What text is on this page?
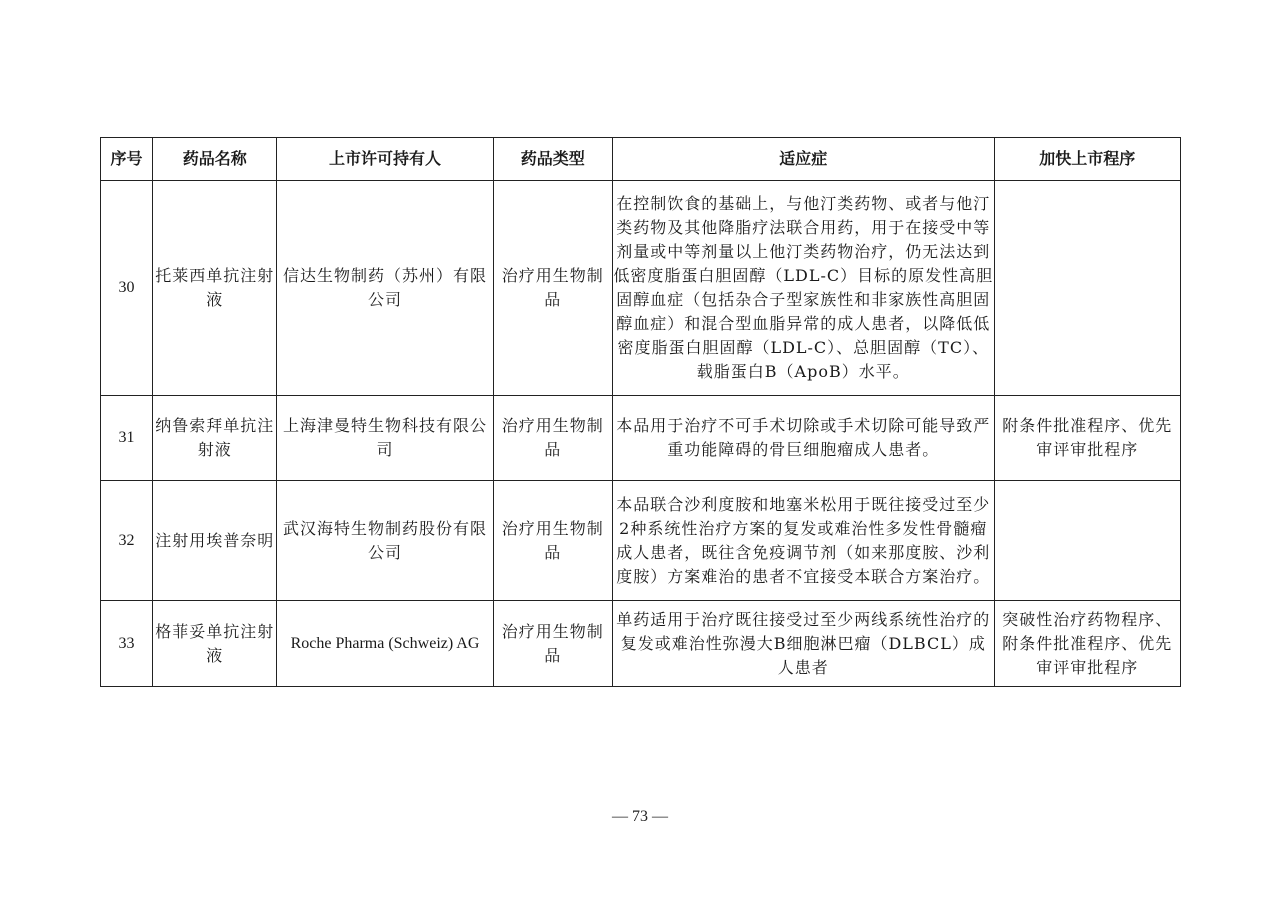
序号	药品名称	上市许可持有人	药品类型	适应症	加快上市程序
30	托莱西单抗注射液	信达生物制药（苏州）有限公司	治疗用生物制品	在控制饮食的基础上，与他汀类药物、或者与他汀类药物及其他降脂疗法联合用药，用于在接受中等剂量或中等剂量以上他汀类药物治疗，仍无法达到低密度脂蛋白胆固醇（LDL-C）目标的原发性高胆固醇血症（包括杂合子型家族性和非家族性高胆固醇血症）和混合型血脂异常的成人患者，以降低低密度脂蛋白胆固醇（LDL-C）、总胆固醇（TC）、载脂蛋白B（ApoB）水平。	
31	纳鲁索拜单抗注射液	上海津曼特生物科技有限公司	治疗用生物制品	本品用于治疗不可手术切除或手术切除可能导致严重功能障碍的骨巨细胞瘤成人患者。	附条件批准程序、优先审评审批程序
32	注射用埃普奈明	武汉海特生物制药股份有限公司	治疗用生物制品	本品联合沙利度胺和地塞米松用于既往接受过至少2种系统性治疗方案的复发或难治性多发性骨髓瘤成人患者，既往含免疫调节剂（如来那度胺、沙利度胺）方案难治的患者不宜接受本联合方案治疗。	
33	格菲妥单抗注射液	Roche Pharma (Schweiz) AG	治疗用生物制品	单药适用于治疗既往接受过至少两线系统性治疗的复发或难治性弥漫大B细胞淋巴瘤（DLBCL）成人患者	突破性治疗药物程序、附条件批准程序、优先审评审批程序
— 73 —
